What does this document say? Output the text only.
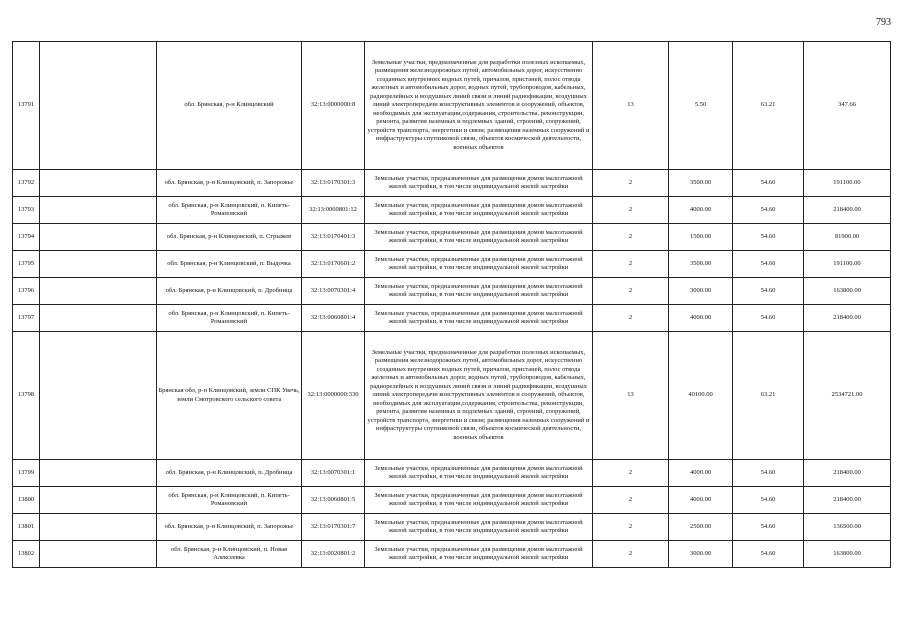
793
13791		обл. Брянская, р-н Клинцовский	32:13:0000000:8	Земельные участки, предназначенные для разработки полезных ископаемых, размещения железнодорожных путей, автомобильных дорог, искусственно созданных внутренних водных путей, причалов, пристаней, полос отвода железных и автомобильных дорог, водных путей, трубопроводов, кабельных, радиорелейных и воздушных линий связи и линий радиофикации, воздушных линий электропередачи конструктивных элементов и сооружений, объектов, необходимых для эксплуатации,содержания, строительства, реконструкции, ремонта, развития наземных и подземных зданий, строений, сооружений, устройств транспорта, энергетики и связи; размещения наземных сооружений и инфраструктуры спутниковой связи, объектов космической деятельности, военных объектов	13	5.50	63.21	347.66
13792		обл. Брянская, р-н Клинцовский, п. Запорожье	32:13:0170301:3	Земельные участки, предназначенные для размещения домов малоэтажной жилой застройки, в том числе индивидуальной жилой застройки	2	3500.00	54.60	191100.00
13793		обл. Брянская, р-н Клинцовский, п. Кипеть-Романовский	32:13:0060801:12	Земельные участки, предназначенные для размещения домов малоэтажной жилой застройки, в том числе индивидуальной жилой застройки	2	4000.00	54.60	218400.00
13794		обл. Брянская, р-н Клинцовский, п. Стрыжев	32:13:0170401:3	Земельные участки, предназначенные для размещения домов малоэтажной жилой застройки, в том числе индивидуальной жилой застройки	2	1500.00	54.60	81900.00
13795		обл. Брянская, р-н Клинцовский, п. Выдочка	32:13:0170601:2	Земельные участки, предназначенные для размещения домов малоэтажной жилой застройки, в том числе индивидуальной жилой застройки	2	3500.00	54.60	191100.00
13796		обл. Брянская, р-н Клинцовский, п. Дробница	32:13:0070301:4	Земельные участки, предназначенные для размещения домов малоэтажной жилой застройки, в том числе индивидуальной жилой застройки	2	3000.00	54.60	163800.00
13797		обл. Брянская, р-н Клинцовский, п. Кипеть-Романовский	32:13:0060801:4	Земельные участки, предназначенные для размещения домов малоэтажной жилой застройки, в том числе индивидуальной жилой застройки	2	4000.00	54.60	218400.00
13798		Брянская обл, р-н Клинцовский, земли СПК Увечь, земли Смотровского сельского совета	32:13:0000000:330	Земельные участки, предназначенные для разработки полезных ископаемых, размещения железнодорожных путей, автомобильных дорог, искусственно созданных внутренних водных путей, причалов, пристаней, полос отвода железных и автомобильных дорог, водных путей, трубопроводов, кабельных, радиорелейных и воздушных линий связи и линий радиофикации, воздушных линий электропередачи конструктивных элементов и сооружений, объектов, необходимых для эксплуатации,содержания, строительства, реконструкции, ремонта, развития наземных и подземных зданий, строений, сооружений, устройств транспорта, энергетики и связи; размещения наземных сооружений и инфраструктуры спутниковой связи, объектов космической деятельности, военных объектов	13	40100.00	63.21	2534721.00
13799		обл. Брянская, р-н Клинцовский, п. Дробница	32:13:0070301:1	Земельные участки, предназначенные для размещения домов малоэтажной жилой застройки, в том числе индивидуальной жилой застройки	2	4000.00	54.60	218400.00
13800		обл. Брянская, р-н Клинцовский, п. Кипеть-Романовский	32:13:0060801:5	Земельные участки, предназначенные для размещения домов малоэтажной жилой застройки, в том числе индивидуальной жилой застройки	2	4000.00	54.60	218400.00
13801		обл. Брянская, р-н Клинцовский, п. Запорожье	32:13:0170301:7	Земельные участки, предназначенные для размещения домов малоэтажной жилой застройки, в том числе индивидуальной жилой застройки	2	2500.00	54.60	136500.00
13802		обл. Брянская, р-н Клинцовский, п. Новая Алексеевка	32:13:0020801:2	Земельные участки, предназначенные для размещения домов малоэтажной жилой застройки, в том числе индивидуальной жилой застройки	2	3000.00	54.60	163800.00
